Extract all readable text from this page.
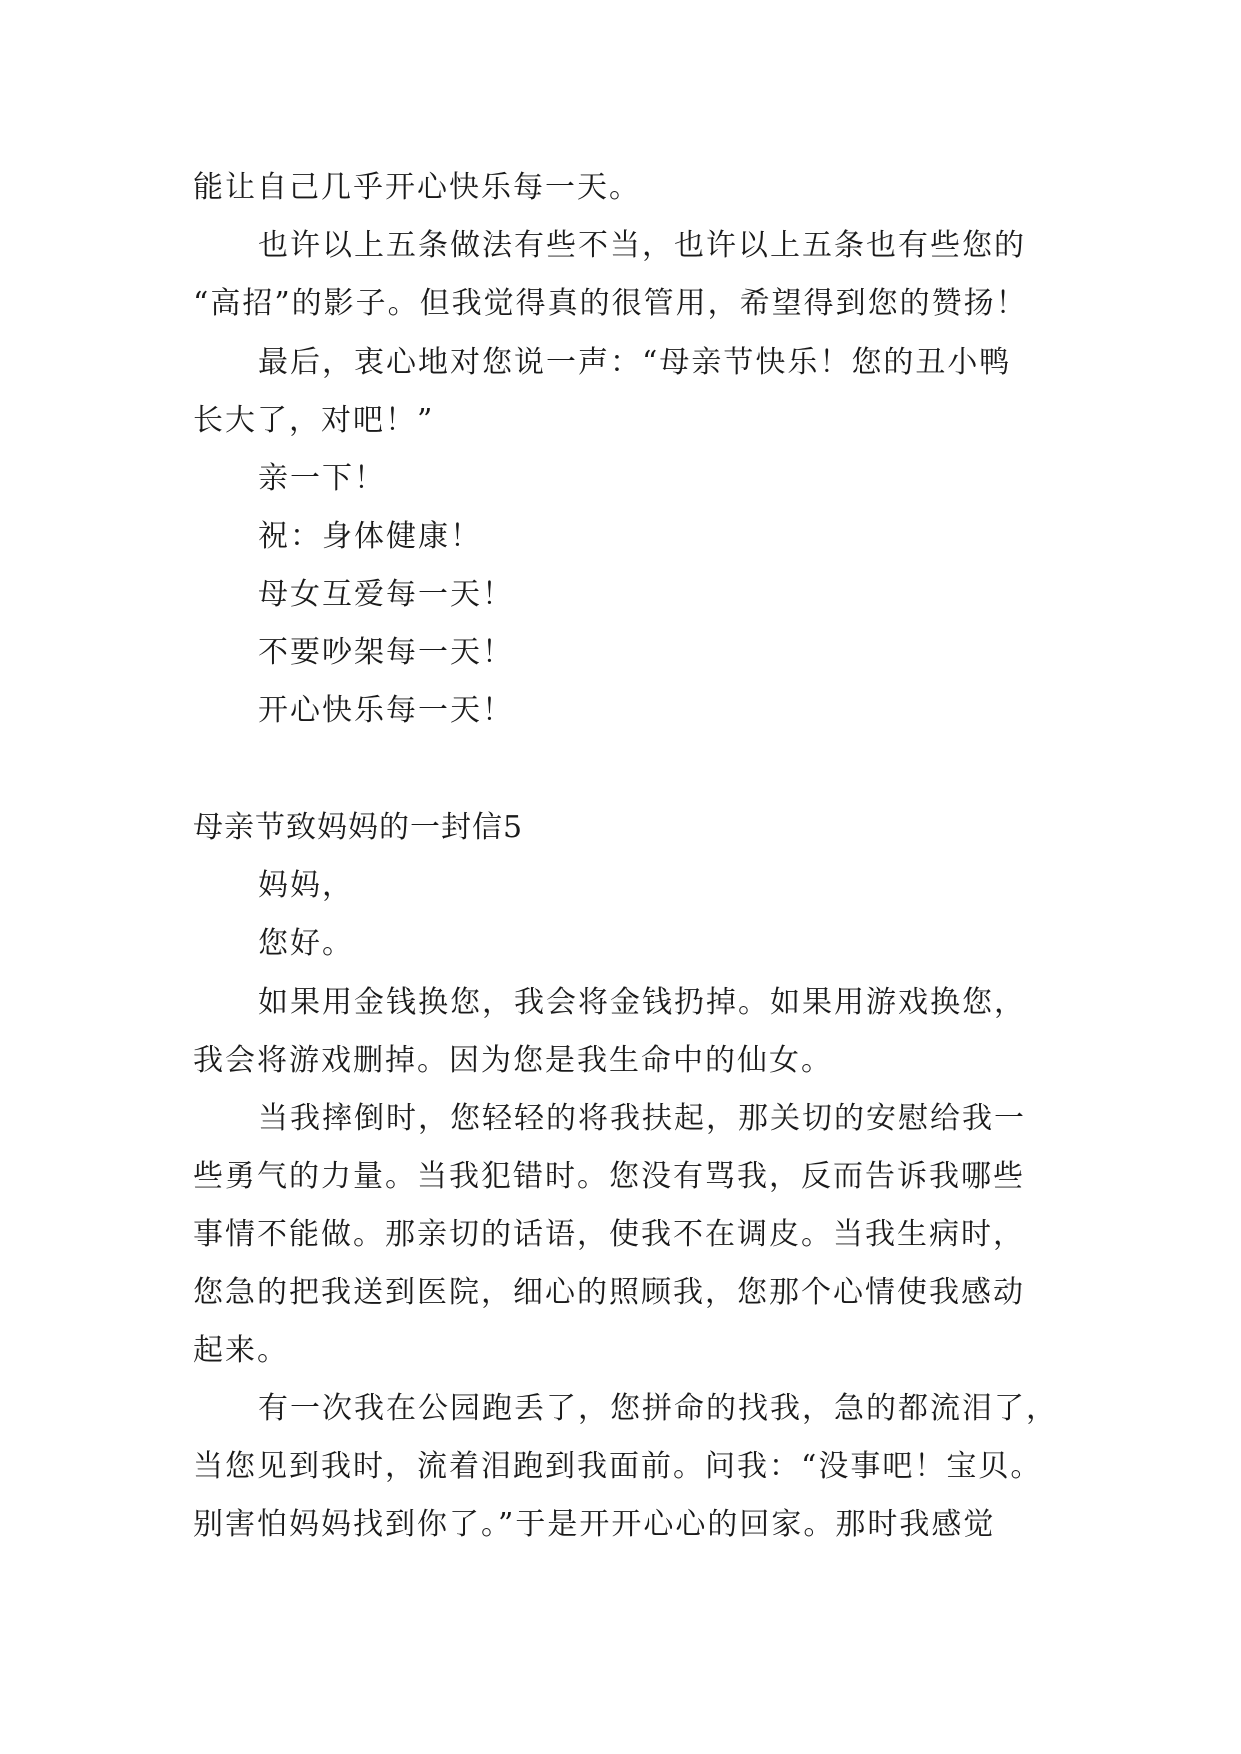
能让自己几乎开心快乐每一天。
也许以上五条做法有些不当，也许以上五条也有些您的
“高招”的影子。但我觉得真的很管用，希望得到您的赞扬！
最后，衷心地对您说一声：“母亲节快乐！您的丑小鸭
长大了，对吧！”
亲一下！
祝：身体健康！
母女互爱每一天！
不要吵架每一天！
开心快乐每一天！
母亲节致妈妈的一封信5
妈妈，
您好。
如果用金钱换您，我会将金钱扔掉。如果用游戏换您，
我会将游戏删掉。因为您是我生命中的仙女。
当我摔倒时，您轻轻的将我扶起，那关切的安慰给我一
些勇气的力量。当我犯错时。您没有骂我，反而告诉我哪些
事情不能做。那亲切的话语，使我不在调皮。当我生病时，
您急的把我送到医院，细心的照顾我，您那个心情使我感动
起来。
有一次我在公园跑丢了，您拼命的找我，急的都流泪了，
当您见到我时，流着泪跑到我面前。问我：“没事吧！宝贝。
别害怕妈妈找到你了。”于是开开心心的回家。那时我感觉
